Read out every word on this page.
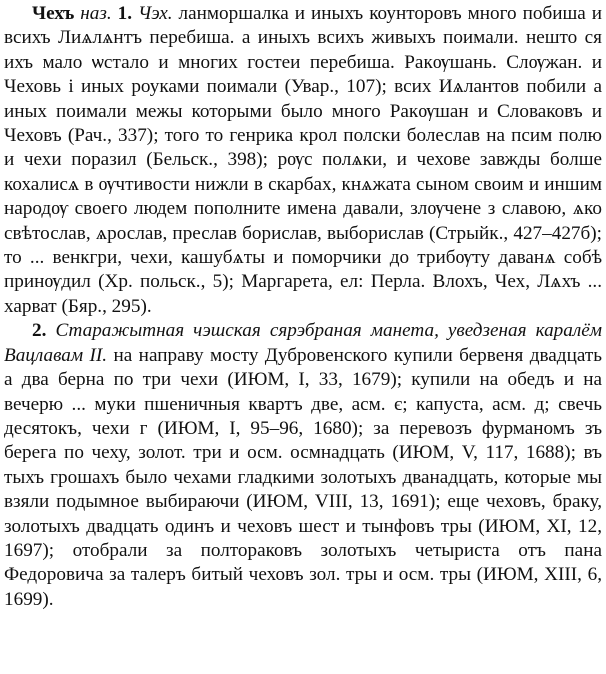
Чехъ наз. 1. Чэх. ланморшалка и иныхъ коунторовъ много побиша и всихъ Лиѧлѧнтъ перебиша. а иныхъ всихъ живыхъ поимали. нешто ся ихъ мало ѡстало и многих гостеи перебиша. Ракѹшань. Слѹжан. и Чеховь і иных роуками поимали (Увар., 107); всих Иѧлантов побили а иных поимали межы которыми было много Ракѹшан и Словаковъ и Чеховъ (Рач., 337); того то генрика крол полски болеслав на псим полю и чехи поразил (Бельск., 398); рѹс полѧки, и чехове завжды болше кохалисѧ в ѹчтивости нижли в скарбах, кнѧжата сыном своим и иншим народѹ своего людем пополните имена давали, злѹчене з славою, ѧко свѣтослав, ѧрослав, преслав борислав, выборислав (Стрыйк., 427–427б); то ... венкгри, чехи, кашубѧты и поморчики до трибѹту даванѧ собѣ принѹдил (Хр. польск., 5); Маргарета, ел: Перла. Влохъ, Чех, Лѧхъ ... харват (Бяр., 295).

2. Старажытная чэшская сярэбраная манета, уведзеная каралём Вацлавам II. на направу мосту Дубровенского купили бервеня двадцать а два берна по три чехи (ИЮМ, I, 33, 1679); купили на обедъ и на вечерю ... муки пшеничныя квартъ две, асм. є; капуста, асм. д; свечь десятокъ, чехи г (ИЮМ, I, 95–96, 1680); за перевозъ фурманомъ зъ берега по чеху, золот. три и осм. осмнадцать (ИЮМ, V, 117, 1688); въ тыхъ грошахъ было чехами гладкими золотыхъ дванадцать, которые мы взяли подымное выбираючи (ИЮМ, VIII, 13, 1691); еще чеховъ, браку, золотыхъ двадцать одинъ и чеховъ шест и тынфовъ тры (ИЮМ, XI, 12, 1697); отобрали за полтораковъ золотыхъ четыриста отъ пана Федоровича за талеръ битый чеховъ зол. тры и осм. тры (ИЮМ, XIII, 6, 1699).
